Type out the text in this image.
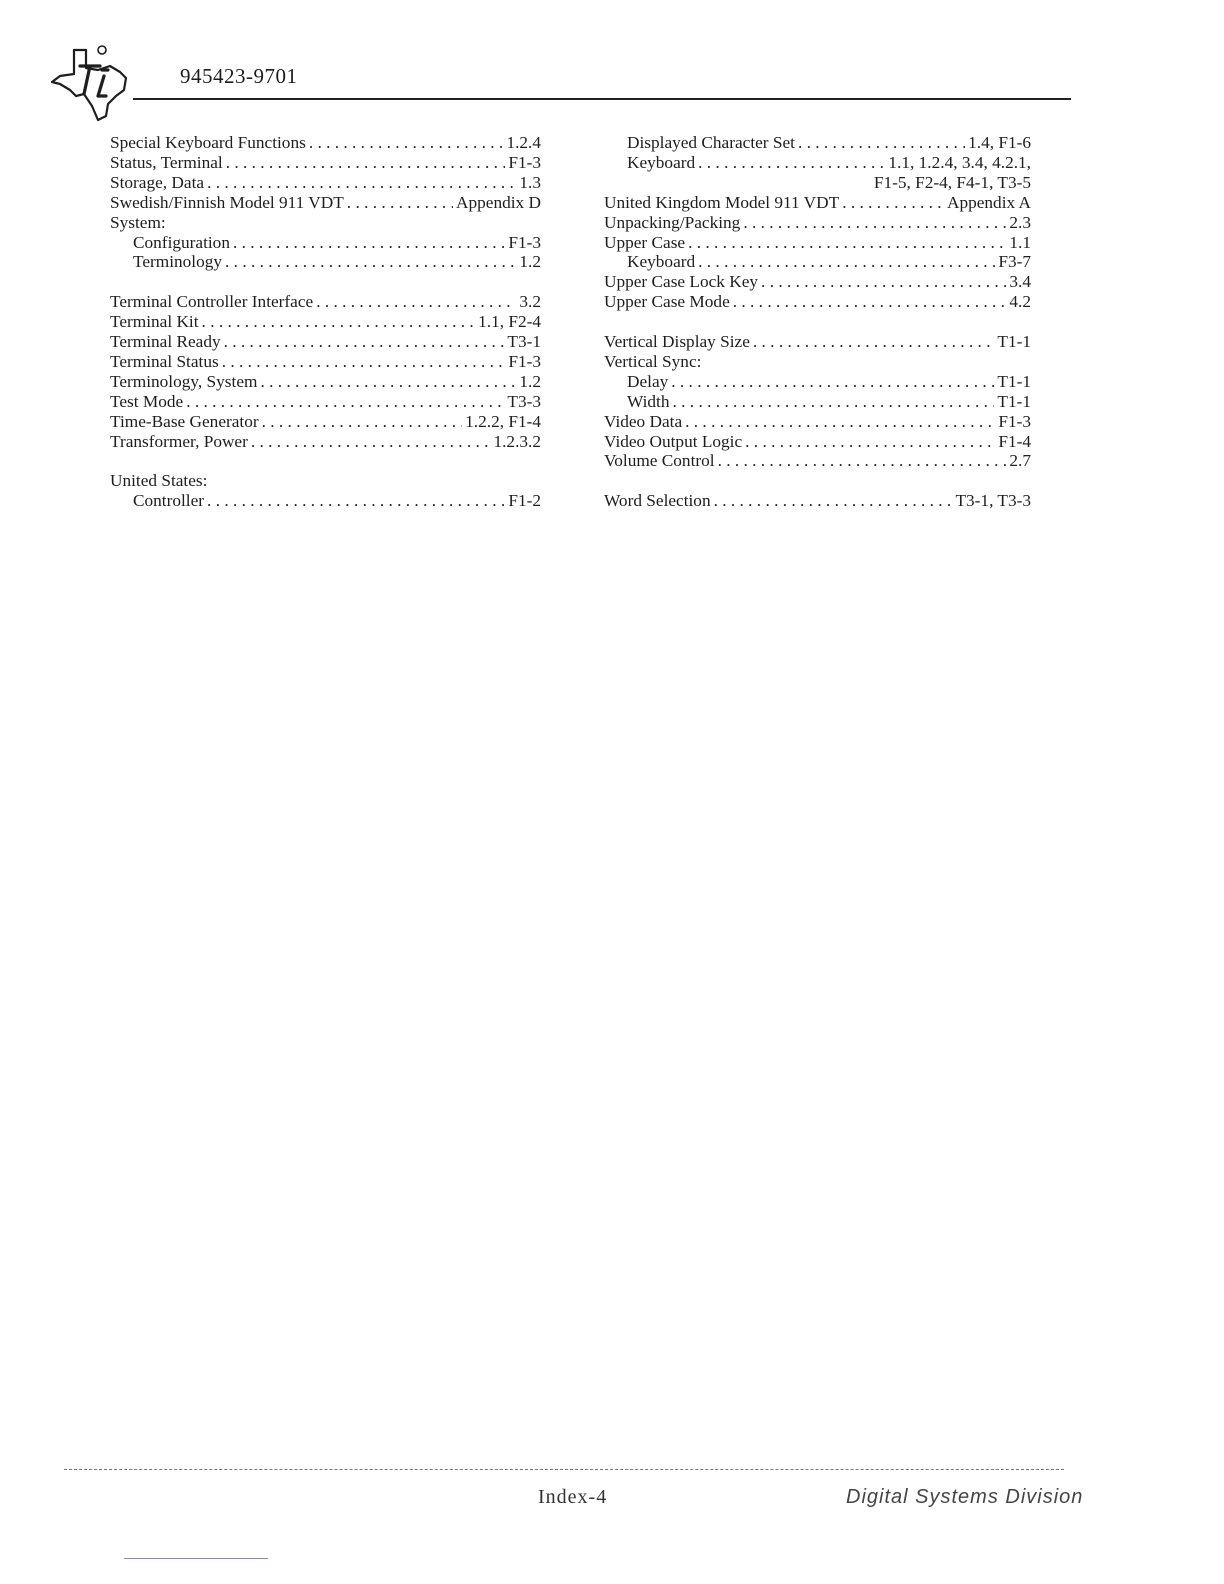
945423-9701
Special Keyboard Functions . . .	1.2.4
Status, Terminal . . .	F1-3
Storage, Data . . .	1.3
Swedish/Finnish Model 911 VDT . . .	Appendix D
System:
Configuration . . .	F1-3
Terminology . . .	1.2
Terminal Controller Interface . . .	3.2
Terminal Kit . . .	1.1, F2-4
Terminal Ready . . .	T3-1
Terminal Status . . .	F1-3
Terminology, System . . .	1.2
Test Mode . . .	T3-3
Time-Base Generator . . .	1.2.2, F1-4
Transformer, Power . . .	1.2.3.2
United States:
Controller . . .	F1-2
Displayed Character Set . . .	1.4, F1-6
Keyboard . . .	1.1, 1.2.4, 3.4, 4.2.1,
F1-5, F2-4, F4-1, T3-5
United Kingdom Model 911 VDT . . .	Appendix A
Unpacking/Packing . . .	2.3
Upper Case . . .	1.1
Keyboard . . .	F3-7
Upper Case Lock Key . . .	3.4
Upper Case Mode . . .	4.2
Vertical Display Size . . .	T1-1
Vertical Sync:
Delay . . .	T1-1
Width . . .	T1-1
Video Data . . .	F1-3
Video Output Logic . . .	F1-4
Volume Control . . .	2.7
Word Selection . . .	T3-1, T3-3
Index-4	Digital Systems Division
